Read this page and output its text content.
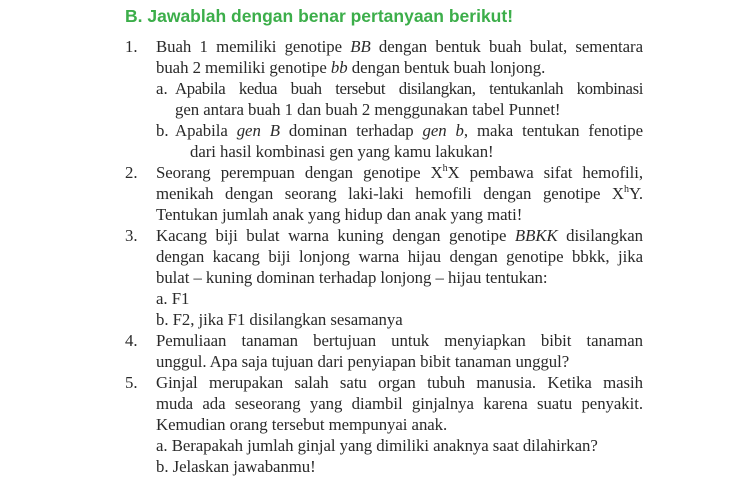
B. Jawablah dengan benar pertanyaan berikut!
1. Buah 1 memiliki genotipe BB dengan bentuk buah bulat, sementara
buah 2 memiliki genotipe bb dengan bentuk buah lonjong.
a. Apabila kedua buah tersebut disilangkan, tentukanlah kombinasi
gen antara buah 1 dan buah 2 menggunakan tabel Punnet!
b. Apabila gen B dominan terhadap gen b, maka tentukan fenotipe
dari hasil kombinasi gen yang kamu lakukan!
2. Seorang perempuan dengan genotipe $X^hX$ pembawa sifat hemofili,
menikah dengan seorang laki-laki hemofili dengan genotipe $X^hY$.
Tentukan jumlah anak yang hidup dan anak yang mati!
3. Kacang biji bulat warna kuning dengan genotipe BBKK disilangkan
dengan kacang biji lonjong warna hijau dengan genotipe bbkk, jika
bulat – kuning dominan terhadap lonjong – hijau tentukan:
a. F1
b. F2, jika F1 disilangkan sesamanya
4. Pemuliaan tanaman bertujuan untuk menyiapkan bibit tanaman
unggul. Apa saja tujuan dari penyiapan bibit tanaman unggul?
5. Ginjal merupakan salah satu organ tubuh manusia. Ketika masih
muda ada seseorang yang diambil ginjalnya karena suatu penyakit.
Kemudian orang tersebut mempunyai anak.
a. Berapakah jumlah ginjal yang dimiliki anaknya saat dilahirkan?
b. Jelaskan jawabanmu!
